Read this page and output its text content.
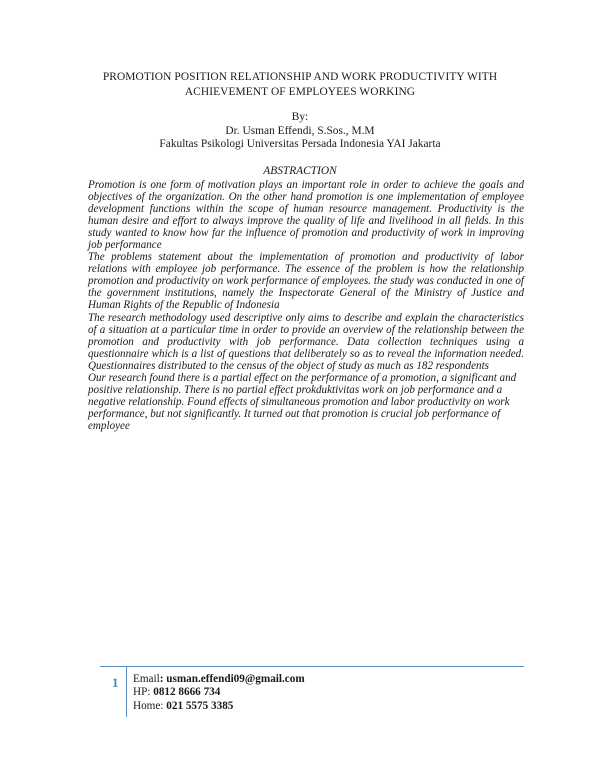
PROMOTION POSITION RELATIONSHIP AND WORK PRODUCTIVITY WITH
ACHIEVEMENT OF EMPLOYEES WORKING
By:
Dr. Usman Effendi, S.Sos., M.M
Fakultas Psikologi Universitas Persada Indonesia YAI Jakarta
ABSTRACTION

Promotion is one form of motivation plays an important role in order to achieve the goals and objectives of the organization. On the other hand promotion is one implementation of employee development functions within the scope of human resource management. Productivity is the human desire and effort to always improve the quality of life and livelihood in all fields. In this study wanted to know how far the influence of promotion and productivity of work in improving job performance

The problems statement about the implementation of promotion and productivity of labor relations with employee job performance. The essence of the problem is how the relationship promotion and productivity on work performance of employees. the study was conducted in one of the government institutions, namely the Inspectorate General of the Ministry of Justice and Human Rights of the Republic of Indonesia

The research methodology used descriptive only aims to describe and explain the characteristics of a situation at a particular time in order to provide an overview of the relationship between the promotion and productivity with job performance. Data collection techniques using a questionnaire which is a list of questions that deliberately so as to reveal the information needed. Questionnaires distributed to the census of the object of study as much as 182 respondents

Our research found there is a partial effect on the performance of a promotion, a significant and positive relationship. There is no partial effect prokduktivitas work on job performance and a negative relationship. Found effects of simultaneous promotion and labor productivity on work performance, but not significantly. It turned out that promotion is crucial job performance of employee

1 Email: usman.effendi09@gmail.com
HP: 0812 8666 734
Home: 021 5575 3385
